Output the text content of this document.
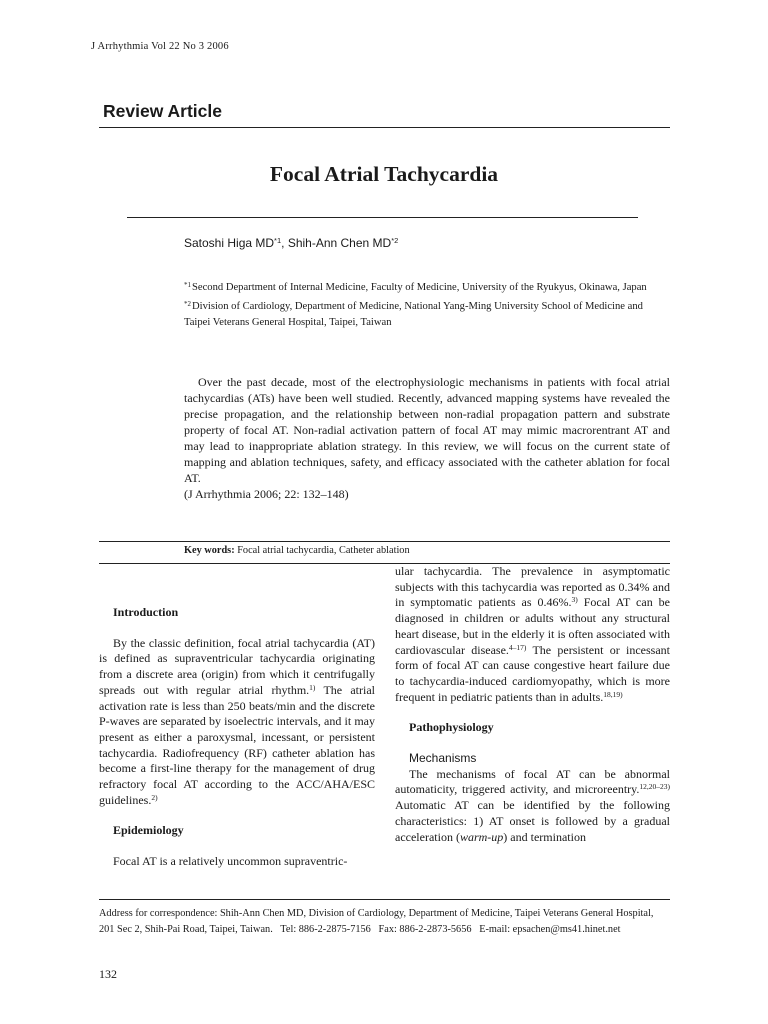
J Arrhythmia Vol 22 No 3 2006
Review Article
Focal Atrial Tachycardia
Satoshi Higa MD$^{*1}$, Shih-Ann Chen MD$^{*2}$
$^{*1}$Second Department of Internal Medicine, Faculty of Medicine, University of the Ryukyus, Okinawa, Japan
$^{*2}$Division of Cardiology, Department of Medicine, National Yang-Ming University School of Medicine and Taipei Veterans General Hospital, Taipei, Taiwan

Over the past decade, most of the electrophysiologic mechanisms in patients with focal atrial tachycardias (ATs) have been well studied. Recently, advanced mapping systems have revealed the precise propagation, and the relationship between non-radial propagation pattern and substrate property of focal AT. Non-radial activation pattern of focal AT may mimic macrorentrant AT and may lead to inappropriate ablation strategy. In this review, we will focus on the current state of mapping and ablation techniques, safety, and efficacy associated with the catheter ablation for focal AT.

(J Arrhythmia 2006; 22: 132–148)

Key words: Focal atrial tachycardia, Catheter ablation
Introduction

By the classic definition, focal atrial tachycardia (AT) is defined as supraventricular tachycardia originating from a discrete area (origin) from which it centrifugally spreads out with regular atrial rhythm.$^{1)}$ The atrial activation rate is less than 250 beats/min and the discrete P-waves are separated by isoelectric intervals, and it may present as either a paroxysmal, incessant, or persistent tachycardia. Radiofrequency (RF) catheter ablation has become a first-line therapy for the management of drug refractory focal AT according to the ACC/AHA/ESC guidelines.$^{2)}$

Epidemiology

Focal AT is a relatively uncommon supraventric-

ular tachycardia. The prevalence in asymptomatic subjects with this tachycardia was reported as 0.34% and in symptomatic patients as 0.46%.$^{3)}$ Focal AT can be diagnosed in children or adults without any structural heart disease, but in the elderly it is often associated with cardiovascular disease.$^{4-17)}$ The persistent or incessant form of focal AT can cause congestive heart failure due to tachycardia-induced cardiomyopathy, which is more frequent in pediatric patients than in adults.$^{18,19)}$

Pathophysiology
Mechanisms

The mechanisms of focal AT can be abnormal automaticity, triggered activity, and microreentry.$^{12,20-23)}$ Automatic AT can be identified by the following characteristics: 1) AT onset is followed by a gradual acceleration (warm-up) and termination

Address for correspondence: Shih-Ann Chen MD, Division of Cardiology, Department of Medicine, Taipei Veterans General Hospital,
201 Sec 2, Shih-Pai Road, Taipei, Taiwan.   Tel: 886-2-2875-7156   Fax: 886-2-2873-5656   E-mail: epsachen@ms41.hinet.net
132
